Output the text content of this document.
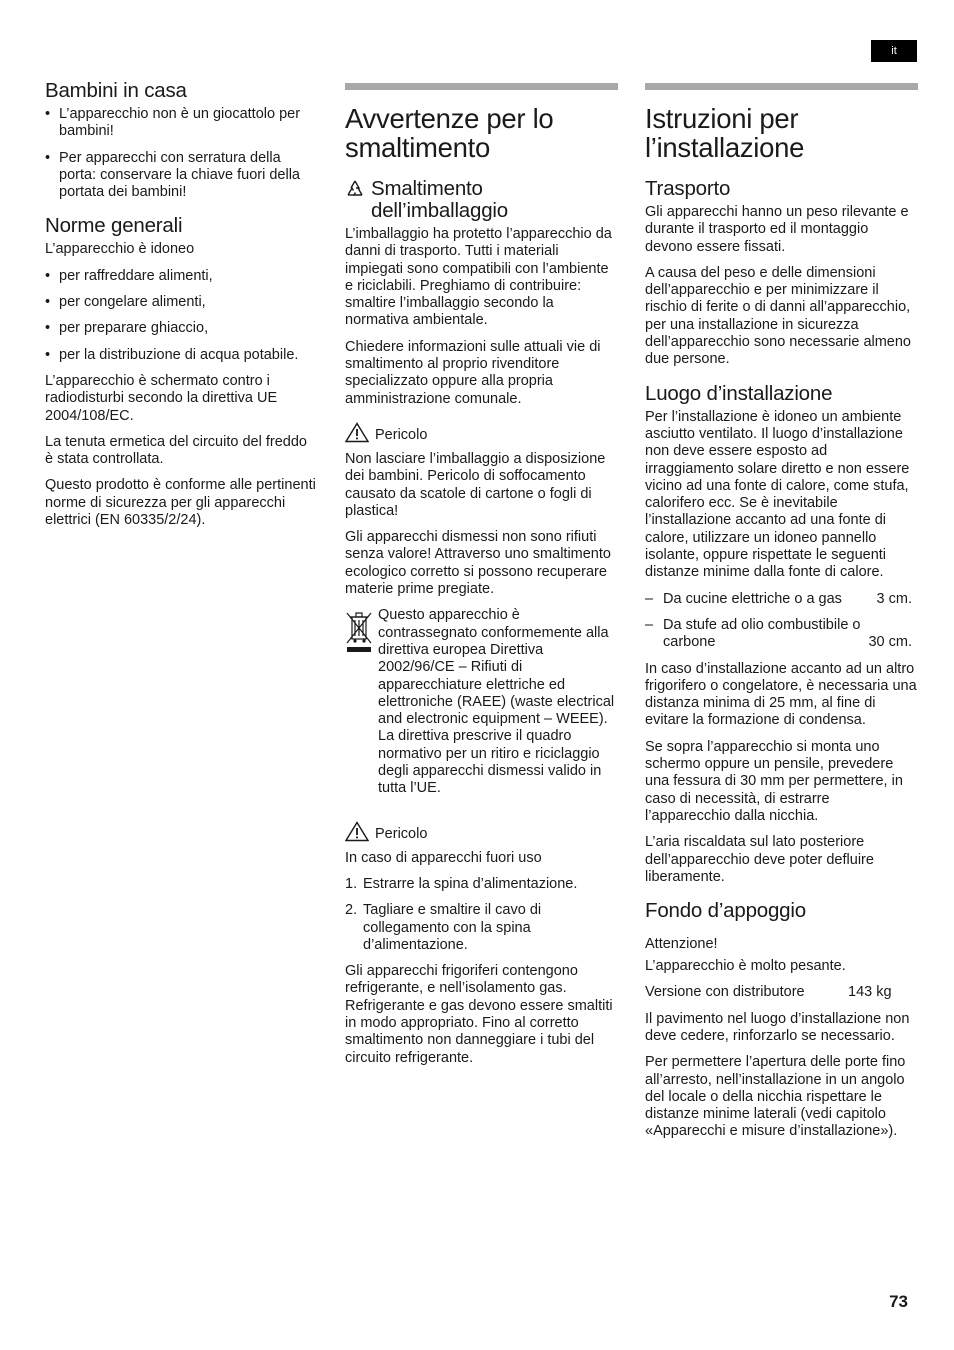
it
Bambini in casa
• L’apparecchio non è un giocattolo per bambini!
• Per apparecchi con serratura della porta: conservare la chiave fuori della portata dei bambini!
Norme generali

L’apparecchio è idoneo

• per raffreddare alimenti,
• per congelare alimenti,
• per preparare ghiaccio,
• per la distribuzione di acqua potabile.

L’apparecchio è schermato contro i radiodisturbi secondo la direttiva UE 2004/108/EC.

La tenuta ermetica del circuito del freddo è stata controllata.

Questo prodotto è conforme alle pertinenti norme di sicurezza per gli apparecchi elettrici (EN 60335/2/24).

Avvertenze per lo smaltimento
Smaltimento dell’imballaggio

L’imballaggio ha protetto l’apparecchio da danni di trasporto. Tutti i materiali impiegati sono compatibili con l’ambiente e riciclabili. Preghiamo di contribuire: smaltire l’imballaggio secondo la normativa ambientale.

Chiedere informazioni sulle attuali vie di smaltimento al proprio rivenditore specializzato oppure alla propria amministrazione comunale.

Pericolo

Non lasciare l’imballaggio a disposizione dei bambini. Pericolo di soffocamento causato da scatole di cartone o fogli di plastica!

Gli apparecchi dismessi non sono rifiuti senza valore! Attraverso uno smaltimento ecologico corretto si possono recuperare materie prime pregiate.

Questo apparecchio è contrassegnato conformemente alla direttiva europea Direttiva 2002/96/CE – Rifiuti di apparecchiature elettriche ed elettroniche (RAEE) (waste electrical and electronic equipment – WEEE). La direttiva prescrive il quadro normativo per un ritiro e riciclaggio degli apparecchi dismessi valido in tutta l’UE.

Pericolo

In caso di apparecchi fuori uso

1. Estrarre la spina d’alimentazione.
2. Tagliare e smaltire il cavo di collegamento con la spina d’alimentazione.

Gli apparecchi frigoriferi contengono refrigerante, e nell’isolamento gas. Refrigerante e gas devono essere smaltiti in modo appropriato. Fino al corretto smaltimento non danneggiare i tubi del circuito refrigerante.

Istruzioni per l’installazione
Trasporto

Gli apparecchi hanno un peso rilevante e durante il trasporto ed il montaggio devono essere fissati.

A causa del peso e delle dimensioni dell’apparecchio e per minimizzare il rischio di ferite o di danni all’apparecchio, per una installazione in sicurezza dell’apparecchio sono necessarie almeno due persone.

Luogo d’installazione

Per l’installazione è idoneo un ambiente asciutto ventilato. Il luogo d’installazione non deve essere esposto ad irraggiamento solare diretto e non essere vicino ad una fonte di calore, come stufa, calorifero ecc. Se è inevitabile l’installazione accanto ad una fonte di calore, utilizzare un idoneo pannello isolante, oppure rispettate le seguenti distanze minime dalla fonte di calore.

– Da cucine elettriche o a gas 3 cm.
– Da stufe ad olio combustibile o carbone	30 cm.

In caso d’installazione accanto ad un altro frigorifero o congelatore, è necessaria una distanza minima di 25 mm, al fine di evitare la formazione di condensa.

Se sopra l’apparecchio si monta uno schermo oppure un pensile, prevedere una fessura di 30 mm per permettere, in caso di necessità, di estrarre l’apparecchio dalla nicchia.

L’aria riscaldata sul lato posteriore dell’apparecchio deve poter defluire liberamente.

Fondo d’appoggio
Attenzione!

L’apparecchio è molto pesante.

Versione con distributore	143 kg

Il pavimento nel luogo d’installazione non deve cedere, rinforzarlo se necessario.

Per permettere l’apertura delle porte fino all’arresto, nell’installazione in un angolo del locale o della nicchia rispettare le distanze minime laterali (vedi capitolo «Apparecchi e misure d’installazione»).

73
